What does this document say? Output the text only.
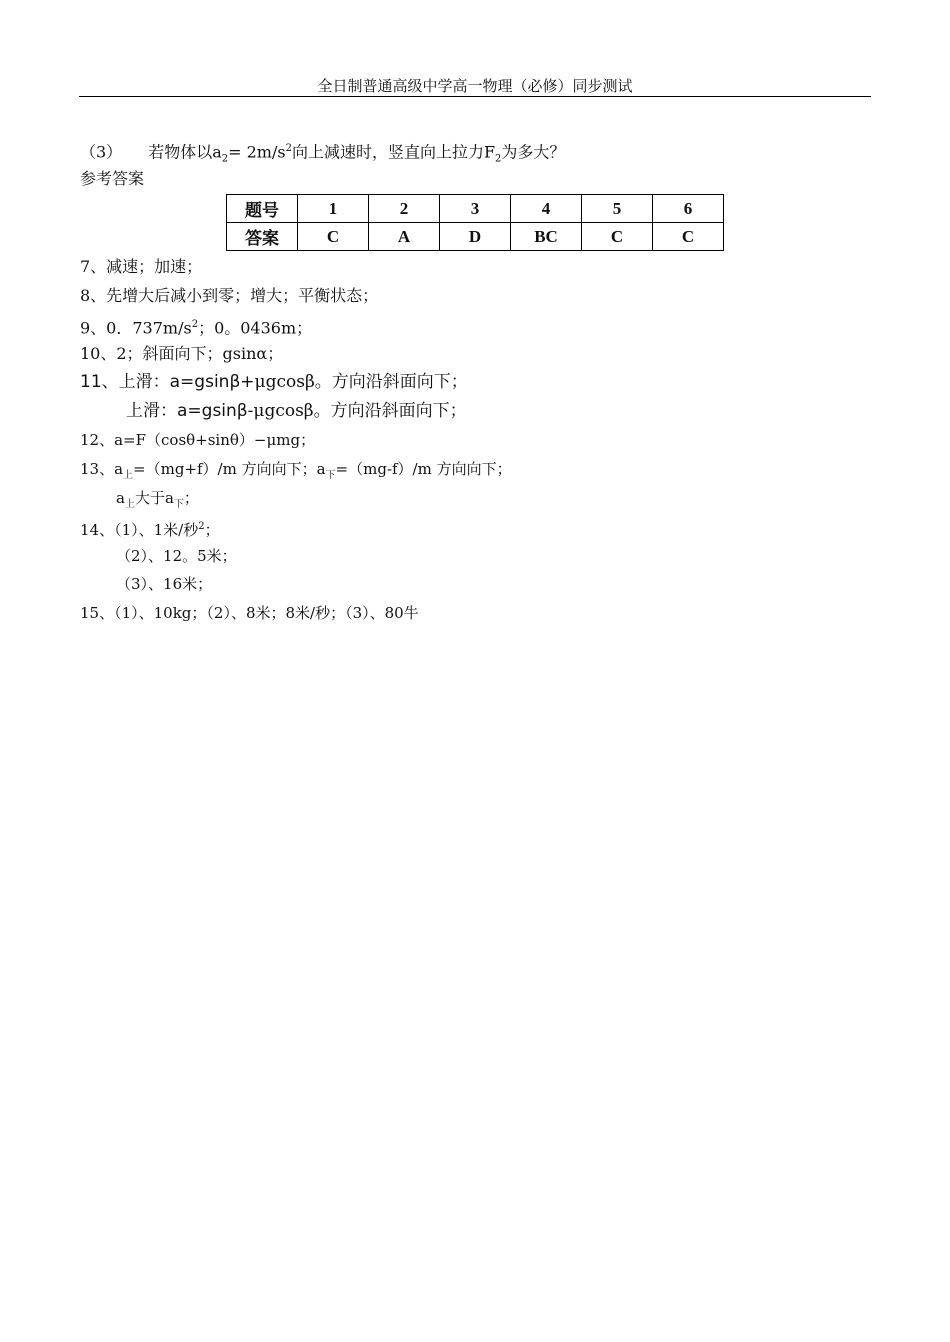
全日制普通高级中学高一物理（必修）同步测试
（3） 若物体以$a_2= 2m/s^2$向上减速时，竖直向上拉力$F_2$为多大？
参考答案
题号	1	2	3	4	5	6
答案	C	A	D	BC	C	C
7、减速；加速；
8、先增大后减小到零；增大；平衡状态；
9、0．$737m/s^2$；0。0436m；
10、2；斜面向下；gsinα；
11、上滑：a=gsinβ+μgcosβ。方向沿斜面向下；
上滑：a=gsinβ-μgcosβ。方向沿斜面向下；
12、a=F（cosθ+sinθ）−μmg；
13、$a_上=(mg+f)/m$ 方向向下；$a_下=(mg-f)/m$ 方向向下；
$a_上$大于$a_下$；
14、（1）、1米/秒$^2$；
（2）、12。5米；
（3）、16米；
15、（1）、10kg；（2）、8米；8米/秒；（3）、80牛
